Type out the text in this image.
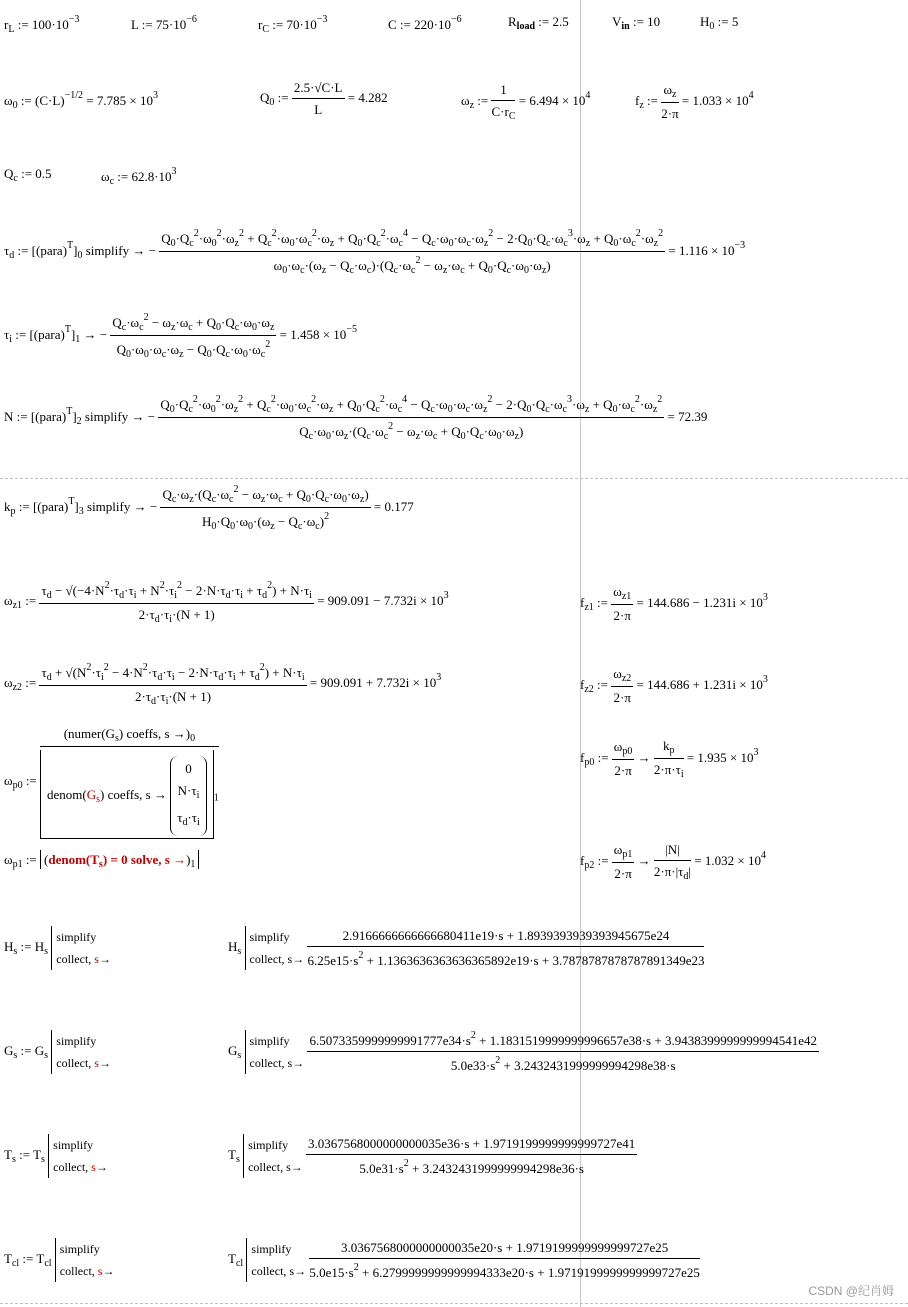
$r_L$ := $100\cdot 10^{-3}$	L := $75\cdot 10^{-6}$	$r_C$ := $70\cdot 10^{-3}$	C := $220\cdot 10^{-6}$	$R_{load}$ := 2.5	$V_{in}$ := 10	$H_0$ := 5
$\omega_0$ := $(C\cdot L)^{-1/2} = 7.785 \times 10^3$	$Q_0$ := $\frac{2.5\cdot√C\cdot L}{L} = 4.282$	$\omega_z$ := $\frac{1}{C\cdot r_C} = 6.494 \times 10^4$	$f_z$ := $\frac{\omega_z}{2\cdot\pi} = 1.033 \times 10^4$
$Q_c$ := 0.5	$\omega_c$ := $62.8\cdot 10^3$
$\tau_d$ := $[(para)^T]_0$ simplify → −
$Q_0\cdot Q_c^2\cdot\omega_0^2\cdot\omega_z^2 + Q_c^2\cdot\omega_0\cdot\omega_c^2\cdot\omega_z + Q_0\cdot Q_c^2\cdot\omega_c^4 - Q_c\cdot\omega_0\cdot\omega_c\cdot\omega_z^2 - 2\cdot Q_0\cdot Q_c\cdot\omega_c^3\cdot\omega_z + Q_0\cdot\omega_c^2\cdot\omega_z^2$
$\omega_0\cdot\omega_c\cdot(\omega_z - Q_c\cdot\omega_c)\cdot(Q_c\cdot\omega_c^2 - \omega_z\cdot\omega_c + Q_0\cdot Q_c\cdot\omega_0\cdot\omega_z)$
= $1.116 \times 10^{-3}$
$\tau_i$ := $[(para)^T]_1$ → − $\frac{Q_c\cdot\omega_c^2 - \omega_z\cdot\omega_c + Q_0\cdot Q_c\cdot\omega_0\cdot\omega_z}{Q_0\cdot\omega_0\cdot\omega_c\cdot\omega_z - Q_0\cdot Q_c\cdot\omega_0\cdot\omega_c^2} = 1.458 \times 10^{-5}$
N := $[(para)^T]_2$ simplify → −
$Q_0\cdot Q_c^2\cdot\omega_0^2\cdot\omega_z^2 + Q_c^2\cdot\omega_0\cdot\omega_c^2\cdot\omega_z + Q_0\cdot Q_c^2\cdot\omega_c^4 - Q_c\cdot\omega_0\cdot\omega_c\cdot\omega_z^2 - 2\cdot Q_0\cdot Q_c\cdot\omega_c^3\cdot\omega_z + Q_0\cdot\omega_c^2\cdot\omega_z^2$
$Q_c\cdot\omega_0\cdot\omega_z\cdot(Q_c\cdot\omega_c^2 - \omega_z\cdot\omega_c + Q_0\cdot Q_c\cdot\omega_0\cdot\omega_z)$
= 72.39
$k_p$ := $[(para)^T]_3$ simplify → − $\frac{Q_c\cdot\omega_z\cdot(Q_c\cdot\omega_c^2 - \omega_z\cdot\omega_c + Q_0\cdot Q_c\cdot\omega_0\cdot\omega_z)}{H_0\cdot Q_0\cdot\omega_0\cdot(\omega_z - Q_c\cdot\omega_c)^2} = 0.177$
$\omega_{z1}$ := $\frac{\tau_d - √(-4\cdot N^2\cdot\tau_d\cdot\tau_i + N^2\cdot\tau_i^2 - 2\cdot N\cdot\tau_d\cdot\tau_i + \tau_d^2) + N\cdot\tau_i}{2\cdot\tau_d\cdot\tau_i\cdot(N + 1)} = 909.091 - 7.732i \times 10^3$	$f_{z1}$ := $\frac{\omega_{z1}}{2\cdot\pi} = 144.686 - 1.231i \times 10^3$
$\omega_{z2}$ := $\frac{\tau_d + √(N^2\cdot\tau_i^2 - 4\cdot N^2\cdot\tau_d\cdot\tau_i - 2\cdot N\cdot\tau_d\cdot\tau_i + \tau_d^2) + N\cdot\tau_i}{2\cdot\tau_d\cdot\tau_i\cdot(N + 1)} = 909.091 + 7.732i \times 10^3$	$f_{z2}$ := $\frac{\omega_{z2}}{2\cdot\pi} = 144.686 + 1.231i \times 10^3$
$\omega_{p0}$ := ($numer(G_s)$ coeffs, $s \to)_0$
$denom(G_s)$ coeffs, s →
0
$N\cdot\tau_i$
$\tau_d\cdot\tau_i$
$_1$	$f_{p0}$ := $\frac{\omega_{p0}}{2\cdot\pi} \to \frac{k_p}{2\cdot\pi\cdot\tau_i} = 1.935 \times 10^3$
$\omega_{p1}$ := ($denom(T_s) = 0$ solve, $s \to)_1$	$f_{p2}$ := $\frac{\omega_{p1}}{2\cdot\pi} \to \frac{|N|}{2\cdot\pi\cdot|\tau_d|} = 1.032 \times 10^4$
$H_s$ := $H_s$
simplify
collect, s→
$H_s$
simplify
collect, s→
2.9166666666666680411e19·s + 1.8939393939393945675e24
$6.25e15\cdot s^2 + 1.1363636363636365892e19\cdot s + 3.7878787878787891349e23$
$G_s$ := $G_s$
simplify
collect, s→
$G_s$
simplify
collect, s→
$6.5073359999999991777e34\cdot s^2 + 1.1831519999999996657e38\cdot s + 3.9438399999999994541e42$
$5.0e33\cdot s^2 + 3.2432431999999994298e38\cdot s$
$T_s$ := $T_s$
simplify
collect, s→
$T_s$
simplify
collect, $s\to \frac{3.0367568000000000035e36\cdot s + 1.9719199999999999727e41}{5.0e31\cdot s^2 + 3.2432431999999994298e36\cdot s}$
$T_{cl}$ := $T_{cl}$
simplify
collect, s→
$T_{cl}$
simplify
collect, s→
3.0367568000000000035e20·s + 1.9719199999999999727e25
$5.0e15\cdot s^2 + 6.2799999999999994333e20\cdot s + 1.9719199999999999727e25$
CSDN @纪肖姆
